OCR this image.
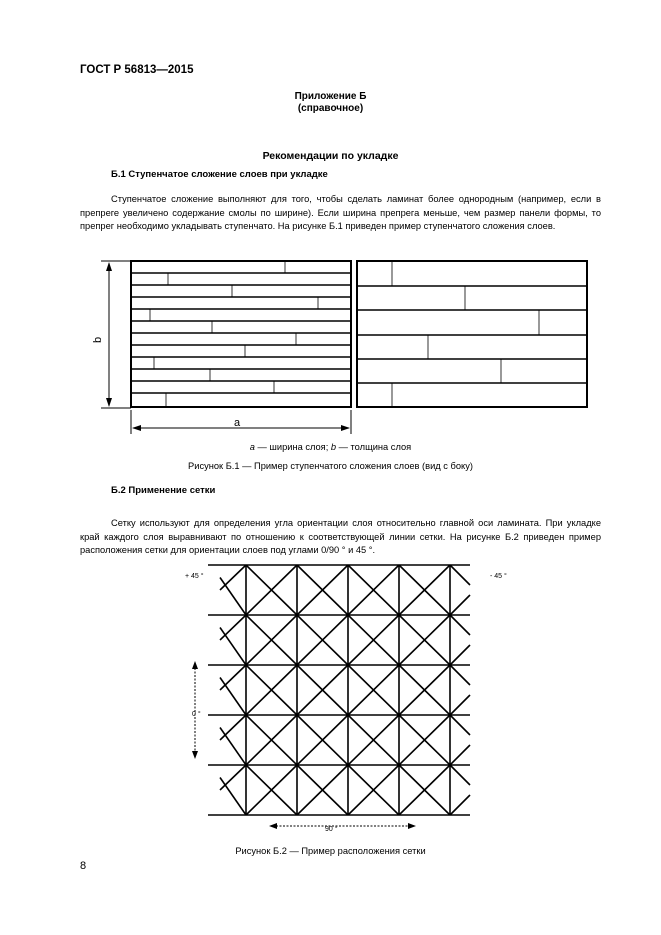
ГОСТ Р 56813—2015
Приложение Б
(справочное)
Рекомендации по укладке
Б.1 Ступенчатое сложение слоев при укладке
Ступенчатое сложение выполняют для того, чтобы сделать ламинат более однородным (например, если в препреге увеличено содержание смолы по ширине). Если ширина препрега меньше, чем размер панели формы, то препрег необходимо укладывать ступенчато. На рисунке Б.1 приведен пример ступенчатого сложения слоев.
b
а
а — ширина слоя; b — толщина слоя
Рисунок Б.1 — Пример ступенчатого сложения слоев (вид с боку)
Б.2 Применение сетки
Сетку используют для определения угла ориентации слоя относительно главной оси ламината. При укладке край каждого слоя выравнивают по отношению к соответствующей линии сетки. На рисунке Б.2 приведен пример расположения сетки для ориентации слоев под углами 0/90 ° и 45 °.
+ 45 °	- 45 °
0 °
90 °
Рисунок Б.2 — Пример расположения сетки
8
